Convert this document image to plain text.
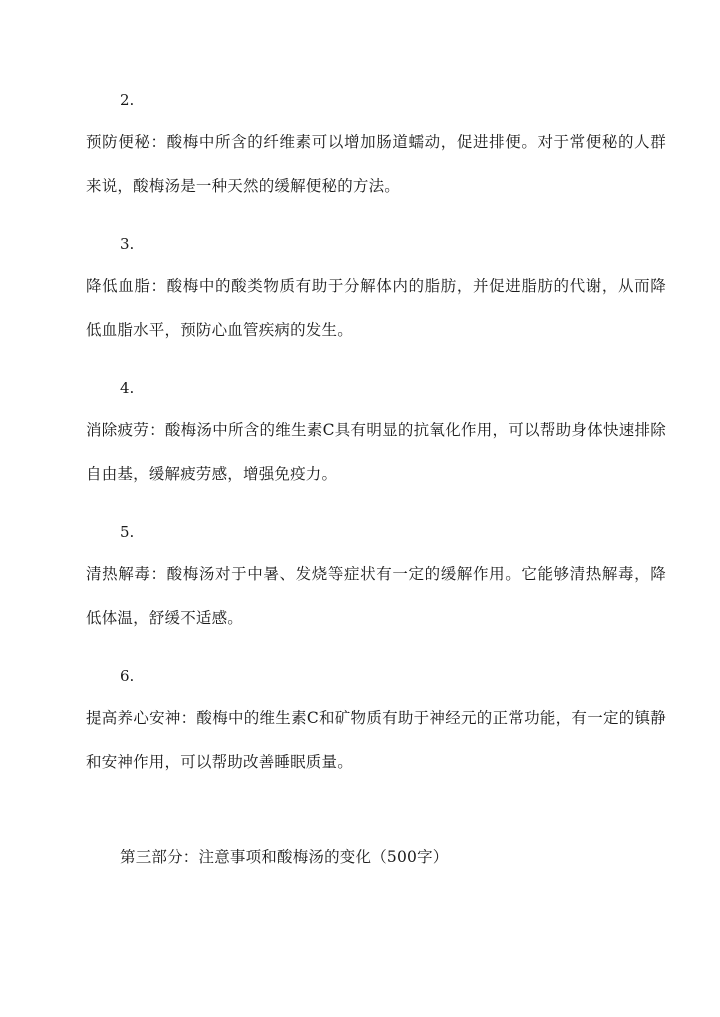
2.
预防便秘：酸梅中所含的纤维素可以增加肠道蠕动，促进排便。对于常便秘的人群来说，酸梅汤是一种天然的缓解便秘的方法。
3.
降低血脂：酸梅中的酸类物质有助于分解体内的脂肪，并促进脂肪的代谢，从而降低血脂水平，预防心血管疾病的发生。
4.
消除疲劳：酸梅汤中所含的维生素C具有明显的抗氧化作用，可以帮助身体快速排除自由基，缓解疲劳感，增强免疫力。
5.
清热解毒：酸梅汤对于中暑、发烧等症状有一定的缓解作用。它能够清热解毒，降低体温，舒缓不适感。
6.
提高养心安神：酸梅中的维生素C和矿物质有助于神经元的正常功能，有一定的镇静和安神作用，可以帮助改善睡眠质量。
第三部分：注意事项和酸梅汤的变化（500字）
